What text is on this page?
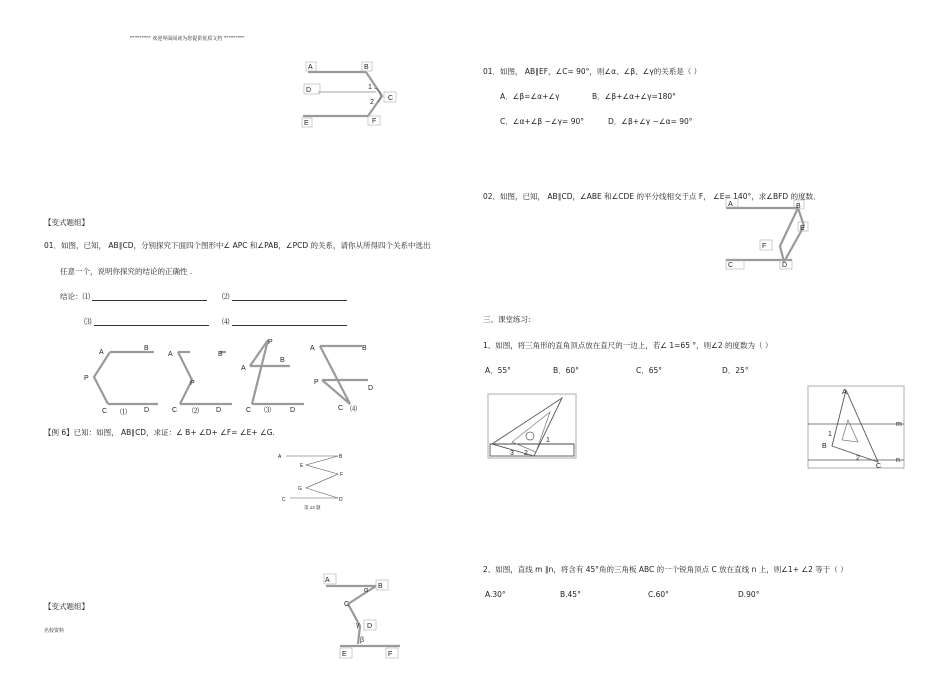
""""""""" 欢迎界面阅读为您提供优质文档 """""""""
A	B
D	1
2
C
E	F
【变式题组】
01．如图，已知， AB∥CD，分别探究下面四个图形中∠ APC 和∠PAB，∠PCD 的关系，请你从所得四个关系中选出
任意一个，说明你探究的结论的正确性 .
结论：⑴	⑵
⑶	⑷
A
B
P
C	D
⑴
A	B
P
C ⑵ D
P
B
A
C ⑶	D
A	B
P
D
C ⑷
【例 6】已知：如图， AB∥CD，求证：∠ B+ ∠D+ ∠F= ∠E+ ∠G.
A	B
E
F
G
C	D
第 13 题
【变式题组】
名校资料
A
B
α
C
γ D
β
E	F
01．如图， AB∥EF，∠C= 90°，则∠α、∠β、∠γ的关系是（ ）
A．∠β=∠α+∠γ	B．∠β+∠α+∠γ=180°
C．∠α+∠β −∠γ= 90°	D．∠β+∠γ −∠α= 90°
02．如图，已知， AB∥CD，∠ABE 和∠CDE 的平分线相交于点 F， ∠E= 140°，求∠BFD 的度数．
A	B
E
F
C	D
三、课堂练习:
1、如图，将三角形的直角顶点放在直尺的一边上，若∠ 1=65 °，则∠2 的度数为（ ）
A．55°	B．60°	C．65°	D．25°
1
3 2
A
1
2
B
C
m
n
2、如图，直线 m ∥n，将含有 45°角的三角板 ABC 的一个锐角顶点 C 放在直线 n 上，则∠1+ ∠2 等于（ ）
A.30°	B.45°	C.60°	D.90°
